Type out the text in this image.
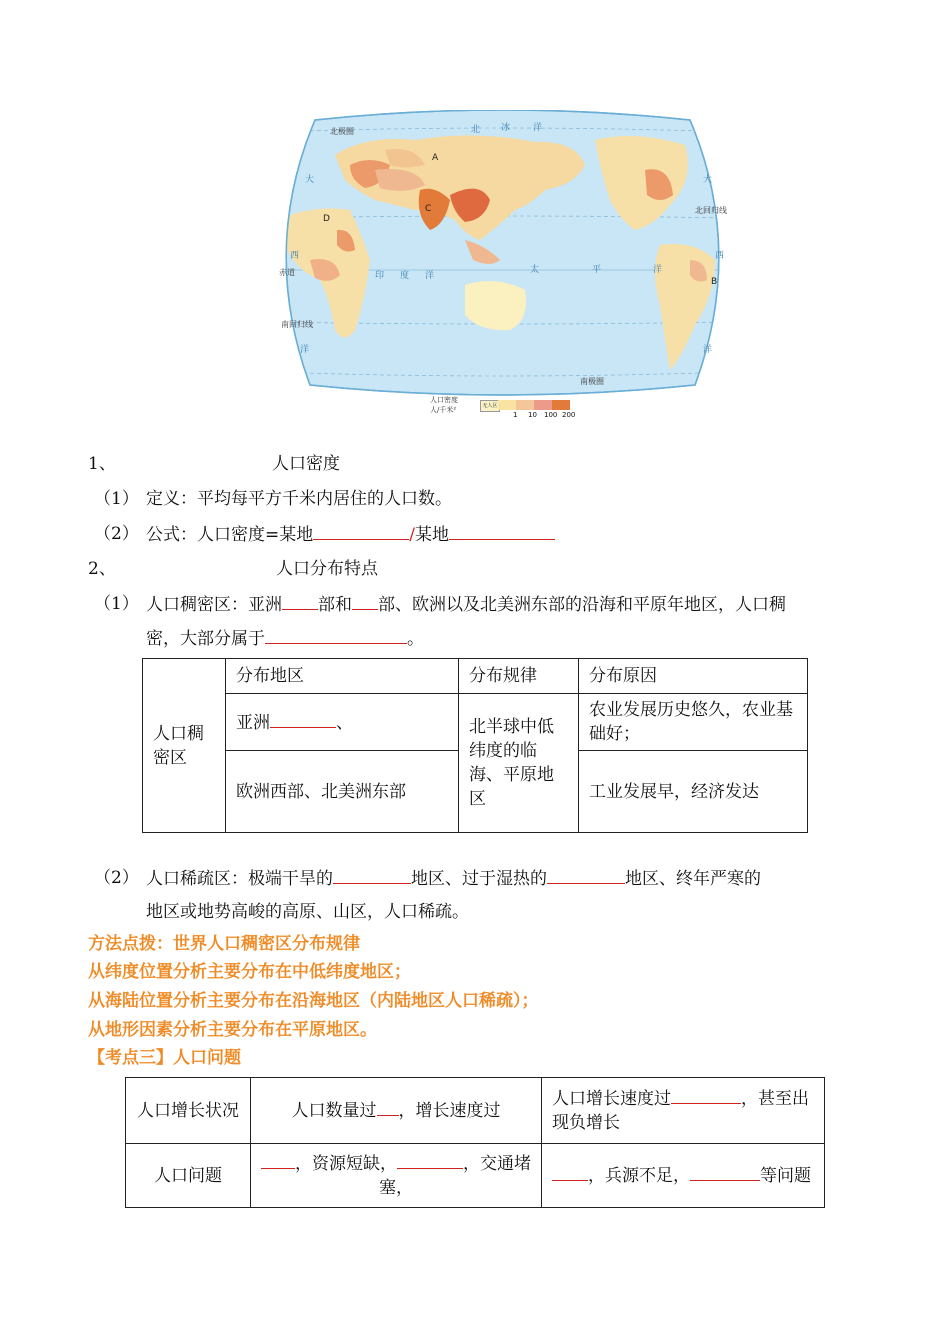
北极圈	北 冰	洋
北回归线
赤道
南回归线
南极圈
印 度 洋
太	平	洋
大
西
洋
大
西
洋
A
B
C
D
人口密度
人/千米²	无人区
1 10 100 200
1、	人口密度
（1） 定义：平均每平方千米内居住的人口数。
（2） 公式：人口密度=某地	/某地
2、	人口分布特点
（1） 人口稠密区：亚洲 部和 部、欧洲以及北美洲东部的沿海和平原年地区，人口稠
密，大部分属于	。
人口稠密区	分布地区	分布规律	分布原因
	亚洲 、	北半球中低纬度的临海、平原地区	农业发展历史悠久，农业基础好；
	欧洲西部、北美洲东部		工业发展早，经济发达
（2） 人口稀疏区：极端干旱的	地区、过于湿热的	地区、终年严寒的
地区或地势高峻的高原、山区，人口稀疏。
方法点拨：世界人口稠密区分布规律
从纬度位置分析主要分布在中低纬度地区；
从海陆位置分析主要分布在沿海地区（内陆地区人口稀疏）；
从地形因素分析主要分布在平原地区。
【考点三】人口问题
人口增长状况	人口数量过 ，增长速度过	人口增长速度过 ，甚至出现负增长
人口问题	，资源短缺， ，交通堵塞，	，兵源不足， 等问题
